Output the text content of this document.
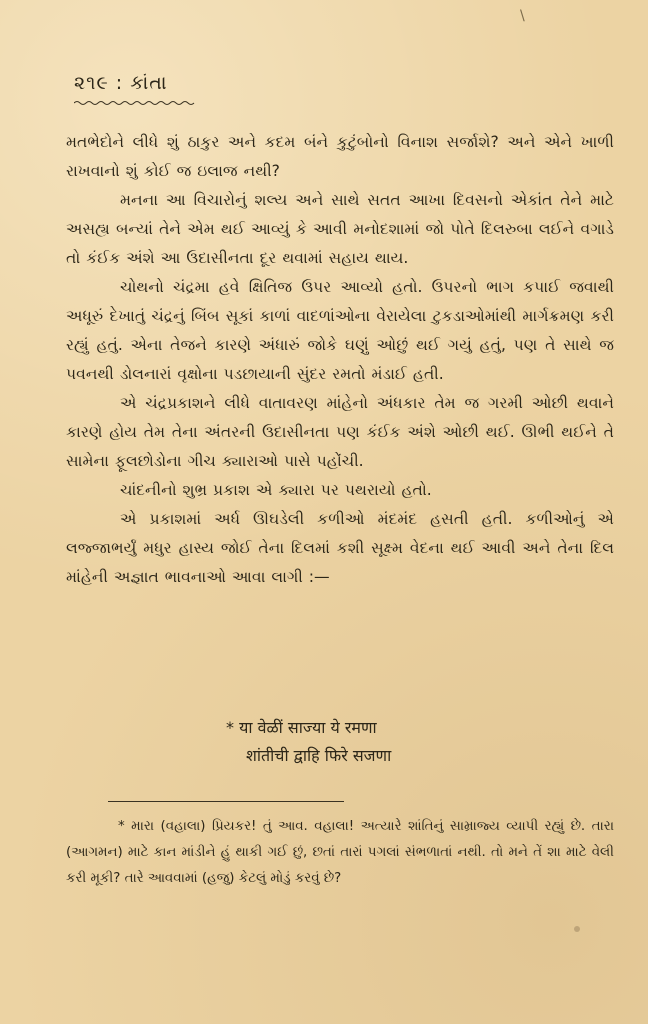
\
૨૧૯ : કાંતા

મતભેદોને લીધે શું ઠાકુર અને કદમ બંને કુટુંબોનો વિનાશ સર્જાશે? અને એને ખાળી રાખવાનો શું કોઈ જ ઇલાજ નથી?

મનના આ વિચારોનું શલ્ય અને સાથે સતત આખા દિવસનો એકાંત તેને માટે અસહ્ય બન્યાં તેને એમ થઈ આવ્યું કે આવી મનોદશામાં જો પોતે દિલરુબા લઈને વગાડે તો કંઈક અંશે આ ઉદાસીનતા દૂર થવામાં સહાય થાય.

ચોથનો ચંદ્રમા હવે ક્ષિતિજ ઉપર આવ્યો હતો. ઉપરનો ભાગ કપાઈ જવાથી અધૂરું દેખાતું ચંદ્રનું બિંબ સૂકાં કાળાં વાદળાંઓના વેરાયેલા ટુકડાઓમાંથી માર્ગક્રમણ કરી રહ્યું હતું. એના તેજને કારણે અંધારું જોકે ઘણું ઓછું થઈ ગયું હતું, પણ તે સાથે જ પવનથી ડોલનારાં વૃક્ષોના પડછાયાની સુંદર રમતો મંડાઈ હતી.

એ ચંદ્રપ્રકાશને લીધે વાતાવરણ માંહેનો અંધકાર તેમ જ ગરમી ઓછી થવાને કારણે હોય તેમ તેના અંતરની ઉદાસીનતા પણ કંઈક અંશે ઓછી થઈ. ઊભી થઈને તે સામેના ફૂલછોડોના ગીચ ક્યારાઓ પાસે પહોંચી.

ચાંદનીનો શુભ્ર પ્રકાશ એ ક્યારા પર પથરાયો હતો.

એ પ્રકાશમાં અર્ધ ઊઘડેલી કળીઓ મંદમંદ હસતી હતી. કળીઓનું એ લજ્જાભર્યું મધુર હાસ્ય જોઈ તેના દિલમાં કશી સૂક્ષ્મ વેદના થઈ આવી અને તેના દિલ માંહેની અજ્ઞાત ભાવનાઓ આવા લાગી :—

* या वेळीं साज्या ये रमणा
शांतीची द्वाहि फिरे सजणा

* મારા (વહાલા) પ્રિયકર! તું આવ. વહાલા! અત્યારે શાંતિનું સામ્રાજ્ય વ્યાપી રહ્યું છે. તારા (આગમન) માટે કાન માંડીને હું થાકી ગઈ છું, છતાં તારાં પગલાં સંભળાતાં નથી. તો મને તેં શા માટે વેલી કરી મૂકી? તારે આવવામાં (હજુ) કેટલું મોડું કરવું છે?
